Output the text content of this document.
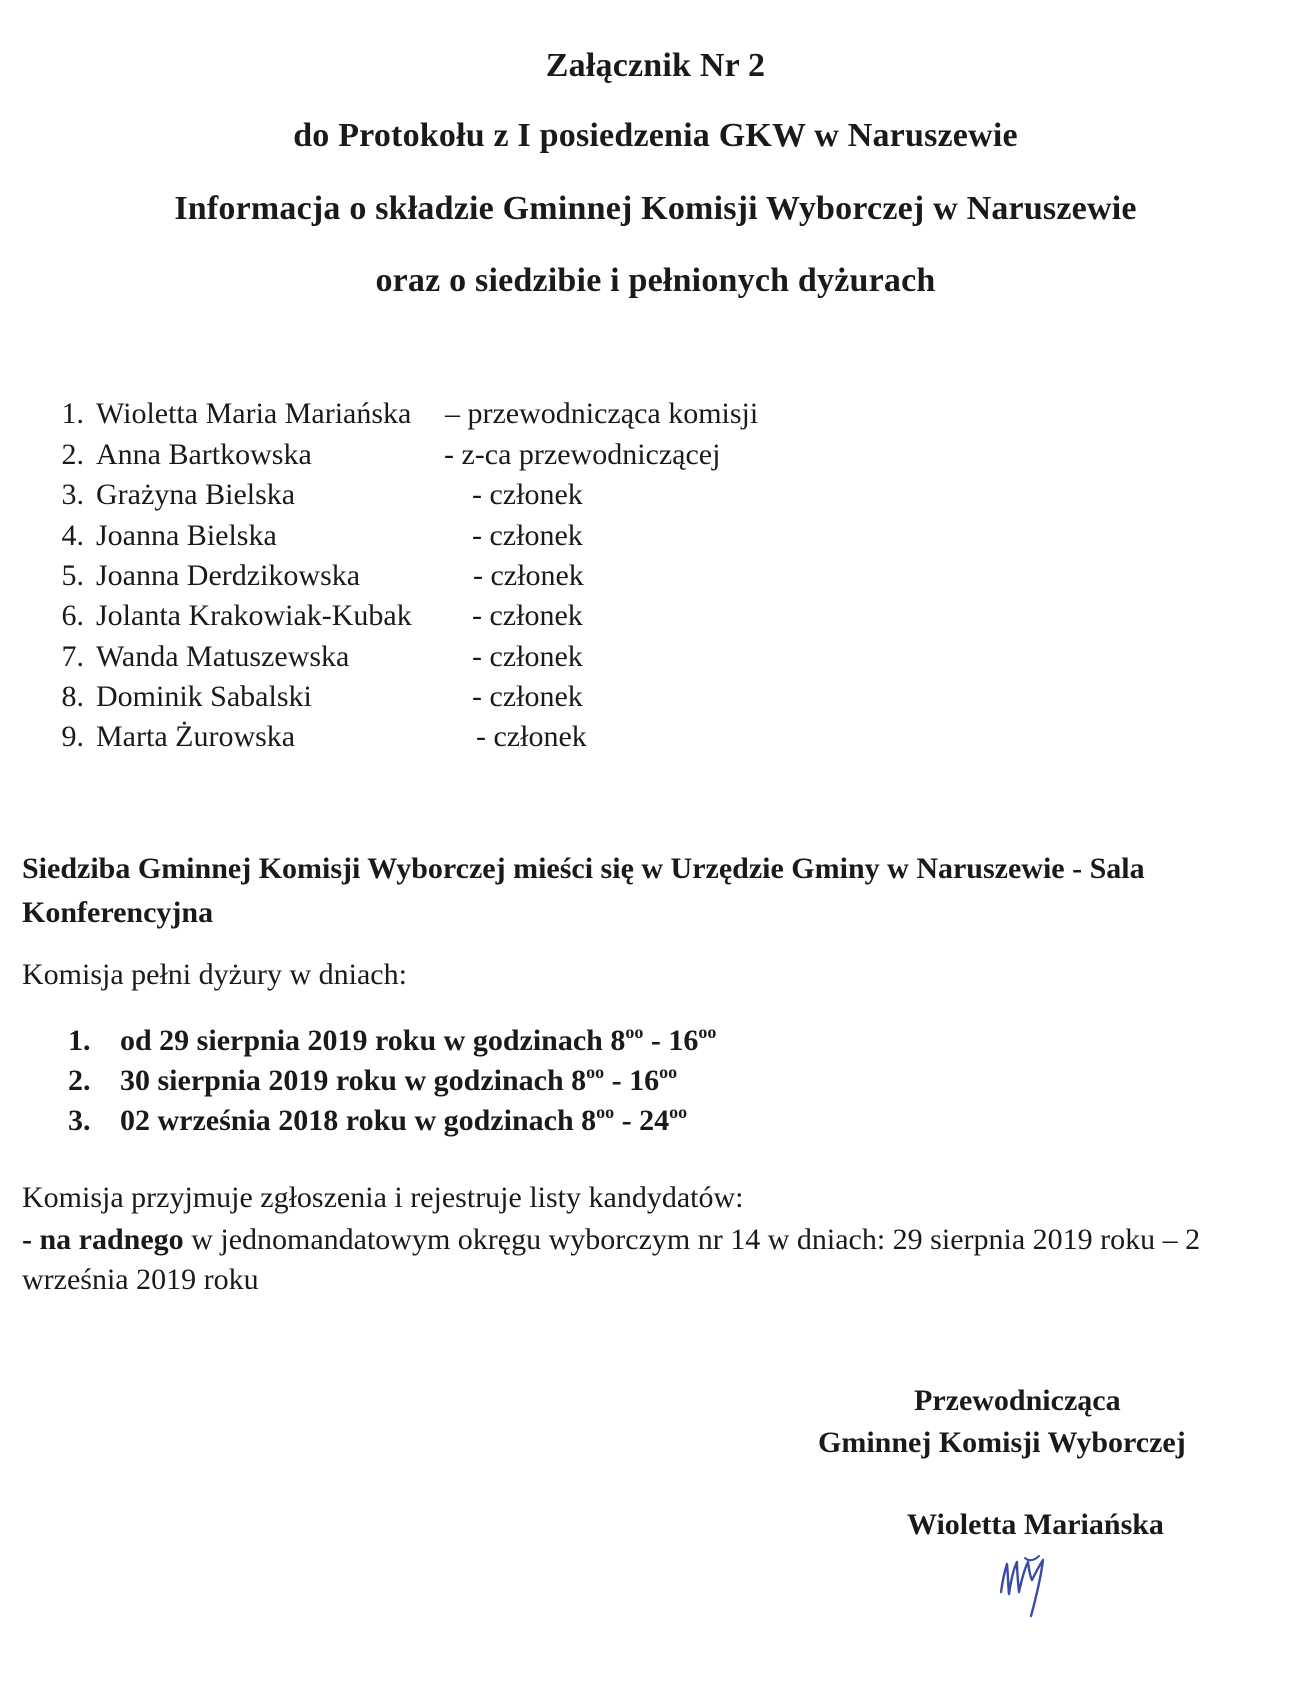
Załącznik Nr 2
do Protokołu z I posiedzenia GKW w Naruszewie
Informacja o składzie Gminnej Komisji Wyborczej w Naruszewie
oraz o siedzibie i pełnionych dyżurach
1. Wioletta Maria Mariańska – przewodnicząca komisji
2. Anna Bartkowska	- z-ca przewodniczącej
3. Grażyna Bielska	- członek
4. Joanna Bielska	- członek
5. Joanna Derdzikowska	- członek
6. Jolanta Krakowiak-Kubak - członek
7. Wanda Matuszewska	- członek
8. Dominik Sabalski	- członek
9. Marta Żurowska	- członek
Siedziba Gminnej Komisji Wyborczej mieści się w Urzędzie Gminy w Naruszewie - Sala Konferencyjna
Komisja pełni dyżury w dniach:
1. od 29 sierpnia 2019 roku w godzinach $8^{oo} - 16^{oo}$
2. 30 sierpnia 2019 roku w godzinach $8^{oo} - 16^{oo}$
3. 02 września 2018 roku w godzinach $8^{oo} - 24^{oo}$
Komisja przyjmuje zgłoszenia i rejestruje listy kandydatów:
- na radnego w jednomandatowym okręgu wyborczym nr 14 w dniach: 29 sierpnia 2019 roku – 2 września 2019 roku
Przewodnicząca
Gminnej Komisji Wyborczej
Wioletta Mariańska
